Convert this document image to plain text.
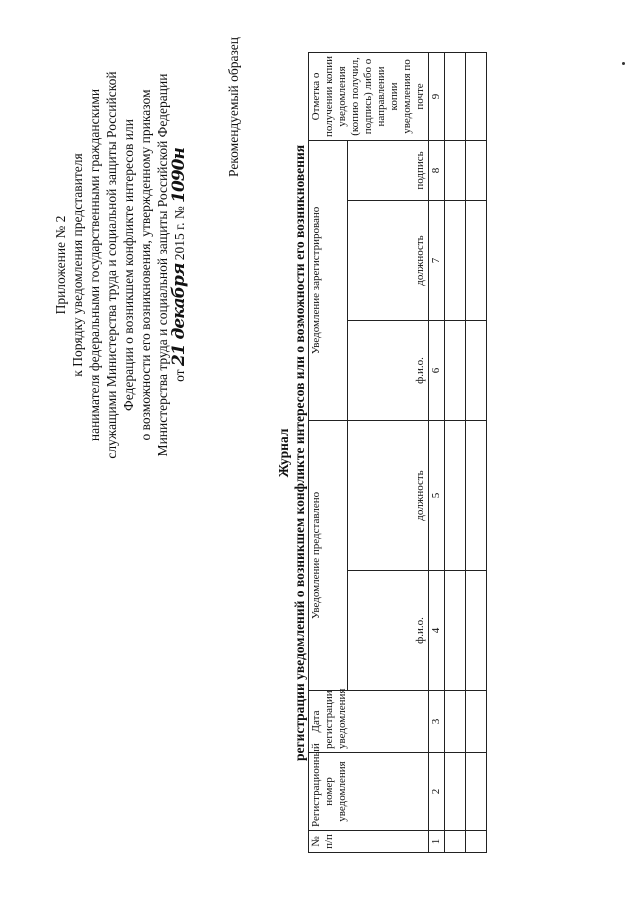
Приложение № 2 к Порядку уведомления представителя нанимателя федеральными государственными гражданскими служащими Министерства труда и социальной защиты Российской Федерации о возникшем конфликте интересов или о возможности его возникновения, утвержденному приказом Министерства труда и социальной защиты Российской Федерации от 21 декабря 2015 г. № 1090н	Рекомендуемый образец
Журнал регистрации уведомлений о возникшем конфликте интересов или о возможности его возникновения
№ п/п	Регистрационный номер уведомления	Дата регистрации уведомления	Уведомление представлено		Уведомление зарегистрировано			Отметка о получении копии уведомления (копию получил, подпись) либо о направлении копии уведомления по почте
			ф.и.о.	должность	ф.и.о.	должность	подпись	
1	2	3	4	5	6	7	8	9
